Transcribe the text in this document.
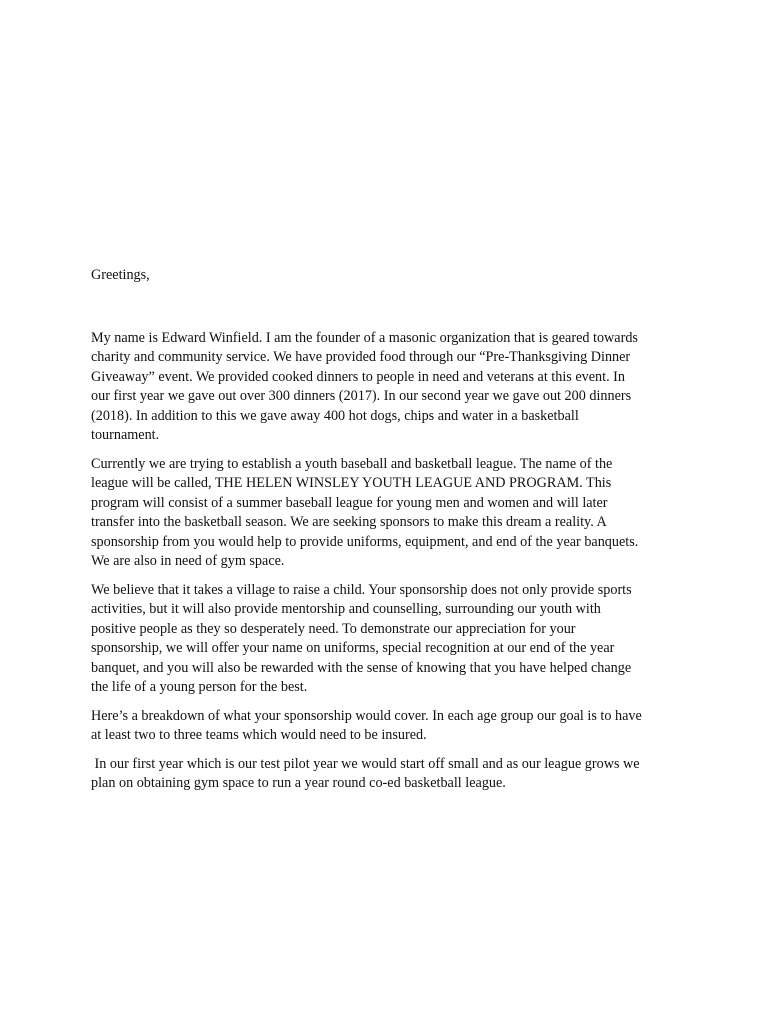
Greetings,

My name is Edward Winfield. I am the founder of a masonic organization that is geared towards
charity and community service. We have provided food through our “Pre-Thanksgiving Dinner
Giveaway” event. We provided cooked dinners to people in need and veterans at this event. In
our first year we gave out over 300 dinners (2017). In our second year we gave out 200 dinners
(2018). In addition to this we gave away 400 hot dogs, chips and water in a basketball
tournament.

Currently we are trying to establish a youth baseball and basketball league. The name of the
league will be called, THE HELEN WINSLEY YOUTH LEAGUE AND PROGRAM. This
program will consist of a summer baseball league for young men and women and will later
transfer into the basketball season. We are seeking sponsors to make this dream a reality. A
sponsorship from you would help to provide uniforms, equipment, and end of the year banquets.
We are also in need of gym space.

We believe that it takes a village to raise a child. Your sponsorship does not only provide sports
activities, but it will also provide mentorship and counselling, surrounding our youth with
positive people as they so desperately need. To demonstrate our appreciation for your
sponsorship, we will offer your name on uniforms, special recognition at our end of the year
banquet, and you will also be rewarded with the sense of knowing that you have helped change
the life of a young person for the best.

Here’s a breakdown of what your sponsorship would cover. In each age group our goal is to have
at least two to three teams which would need to be insured.

In our first year which is our test pilot year we would start off small and as our league grows we
plan on obtaining gym space to run a year round co-ed basketball league.
